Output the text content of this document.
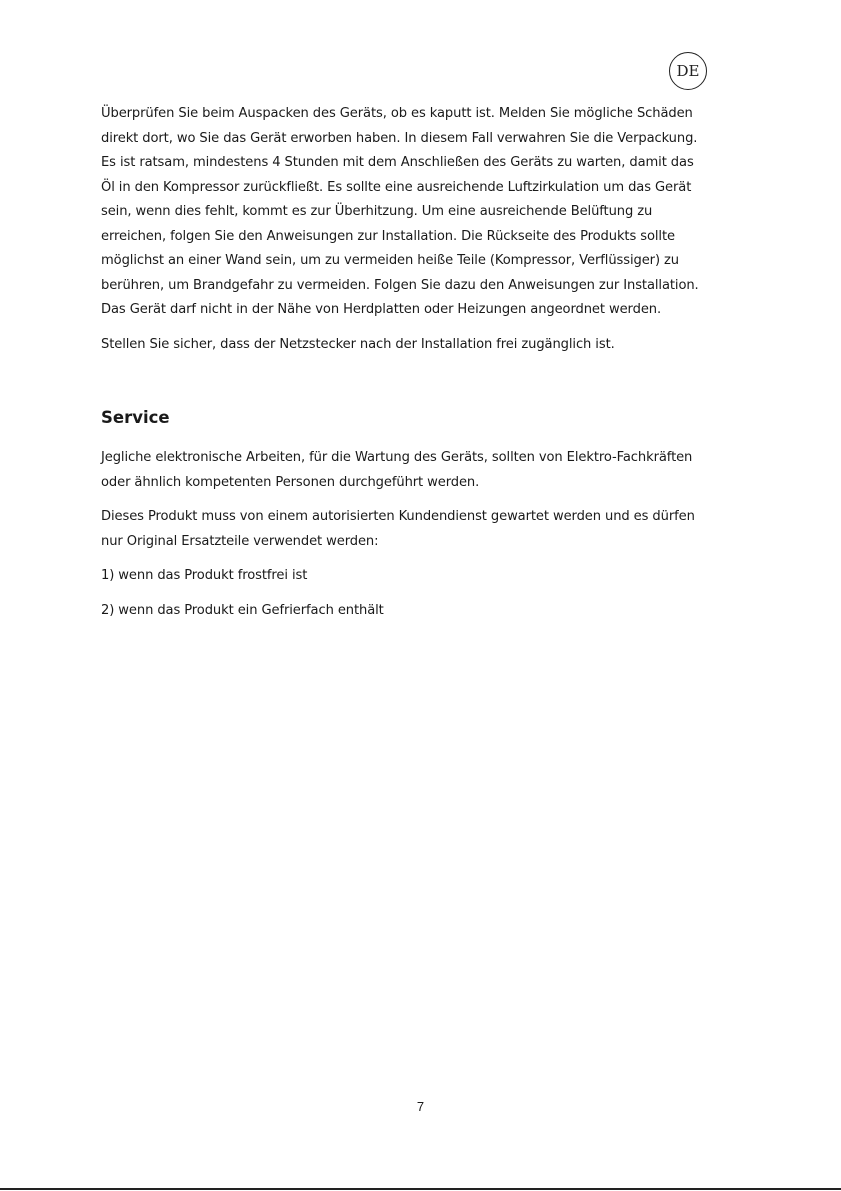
DE

Überprüfen Sie beim Auspacken des Geräts, ob es kaputt ist. Melden Sie mögliche Schäden

direkt dort, wo Sie das Gerät erworben haben. In diesem Fall verwahren Sie die Verpackung.

Es ist ratsam, mindestens 4 Stunden mit dem Anschließen des Geräts zu warten, damit das

Öl in den Kompressor zurückfließt. Es sollte eine ausreichende Luftzirkulation um das Gerät

sein, wenn dies fehlt, kommt es zur Überhitzung. Um eine ausreichende Belüftung zu

erreichen, folgen Sie den Anweisungen zur Installation. Die Rückseite des Produkts sollte

möglichst an einer Wand sein, um zu vermeiden heiße Teile (Kompressor, Verflüssiger) zu

berühren, um Brandgefahr zu vermeiden. Folgen Sie dazu den Anweisungen zur Installation.

Das Gerät darf nicht in der Nähe von Herdplatten oder Heizungen angeordnet werden.

Stellen Sie sicher, dass der Netzstecker nach der Installation frei zugänglich ist.

Service

Jegliche elektronische Arbeiten, für die Wartung des Geräts, sollten von Elektro-Fachkräften

oder ähnlich kompetenten Personen durchgeführt werden.

Dieses Produkt muss von einem autorisierten Kundendienst gewartet werden und es dürfen

nur Original Ersatzteile verwendet werden:

1) wenn das Produkt frostfrei ist

2) wenn das Produkt ein Gefrierfach enthält

7
